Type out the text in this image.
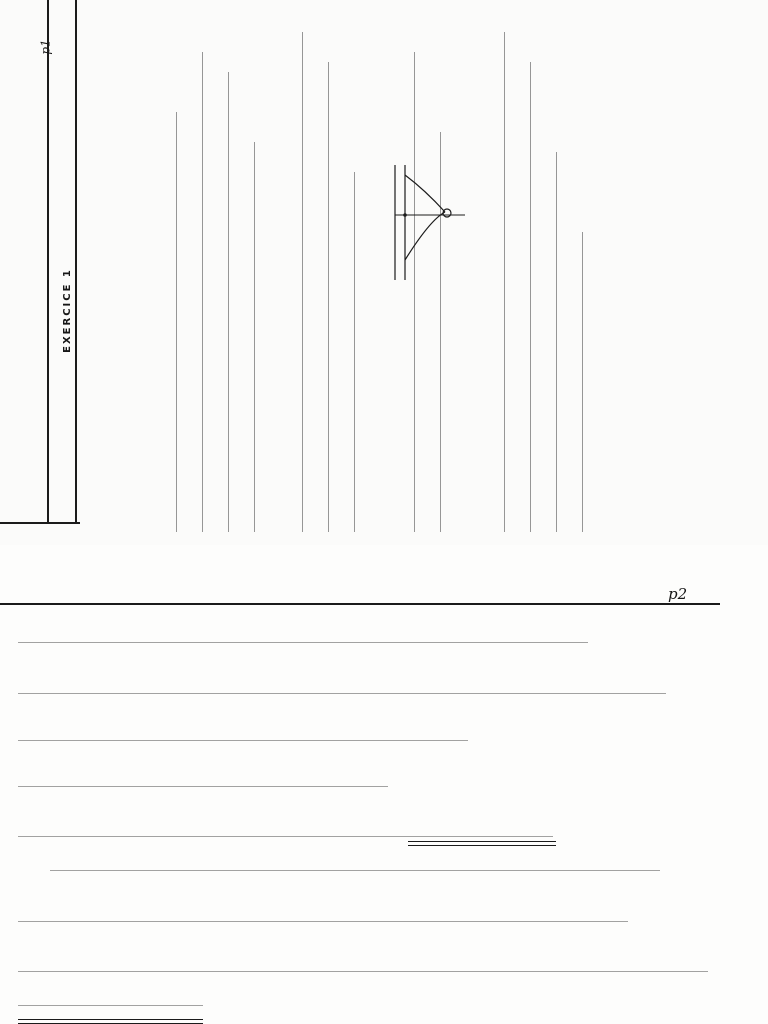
p1
EXERCICE 1
p2
